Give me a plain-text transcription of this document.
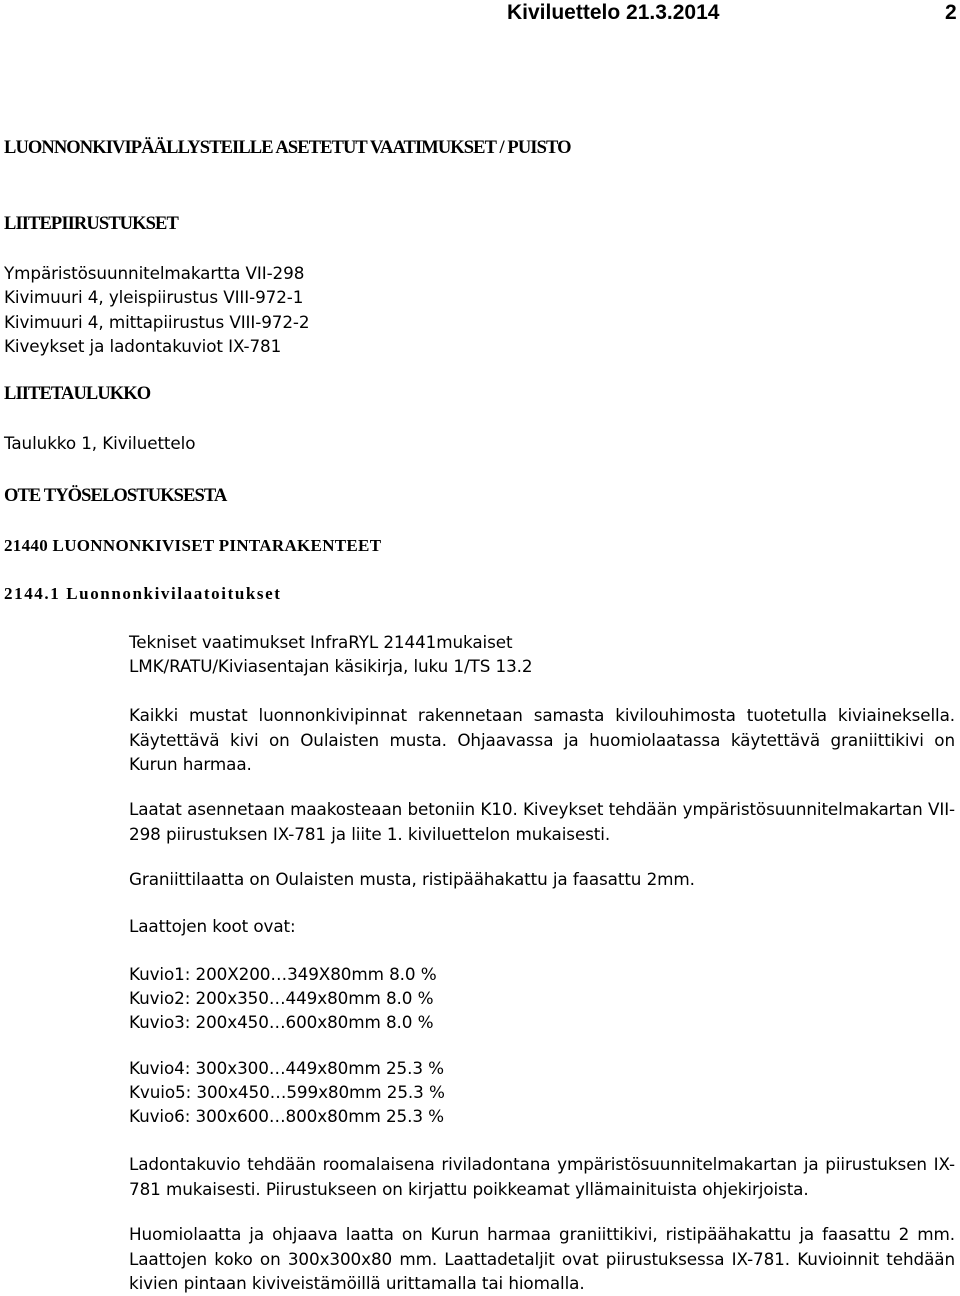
Kiviluettelo 21.3.2014	2
LUONNONKIVIPÄÄLLYSTEILLE ASETETUT VAATIMUKSET / PUISTO
LIITEPIIRUSTUKSET
Ympäristösuunnitelmakartta VII-298
Kivimuuri 4, yleispiirustus VIII-972-1
Kivimuuri 4, mittapiirustus VIII-972-2
Kiveykset ja ladontakuviot IX-781
LIITETAULUKKO
Taulukko 1, Kiviluettelo
OTE TYÖSELOSTUKSESTA
21440 LUONNONKIVISET PINTARAKENTEET
2144.1 Luonnonkivilaatoitukset
Tekniset vaatimukset InfraRYL 21441mukaiset
LMK/RATU/Kiviasentajan käsikirja, luku 1/TS 13.2
Kaikki mustat luonnonkivipinnat rakennetaan samasta kivilouhimosta tuotetulla kiviaineksella. Käytettävä kivi on Oulaisten musta. Ohjaavassa ja huomiolaatassa käytettävä graniittikivi on Kurun harmaa.
Laatat asennetaan maakosteaan betoniin K10. Kiveykset tehdään ympäristösuunnitelmakartan VII-298 piirustuksen IX-781 ja liite 1. kiviluettelon mukaisesti.
Graniittilaatta on Oulaisten musta, ristipäähakattu ja faasattu 2mm.
Laattojen koot ovat:
Kuvio1: 200X200…349X80mm 8.0 %
Kuvio2: 200x350…449x80mm 8.0 %
Kuvio3: 200x450…600x80mm 8.0 %
Kuvio4: 300x300…449x80mm 25.3 %
Kvuio5: 300x450…599x80mm 25.3 %
Kuvio6: 300x600…800x80mm 25.3 %
Ladontakuvio tehdään roomalaisena riviladontana ympäristösuunnitelmakartan ja piirustuksen IX-781 mukaisesti. Piirustukseen on kirjattu poikkeamat yllämainituista ohjekirjoista.
Huomiolaatta ja ohjaava laatta on Kurun harmaa graniittikivi, ristipäähakattu ja faasattu 2 mm. Laattojen koko on 300x300x80 mm. Laattadetaljit ovat piirustuksessa IX-781. Kuvioinnit tehdään kivien pintaan kiviveistämöillä urittamalla tai hiomalla.
